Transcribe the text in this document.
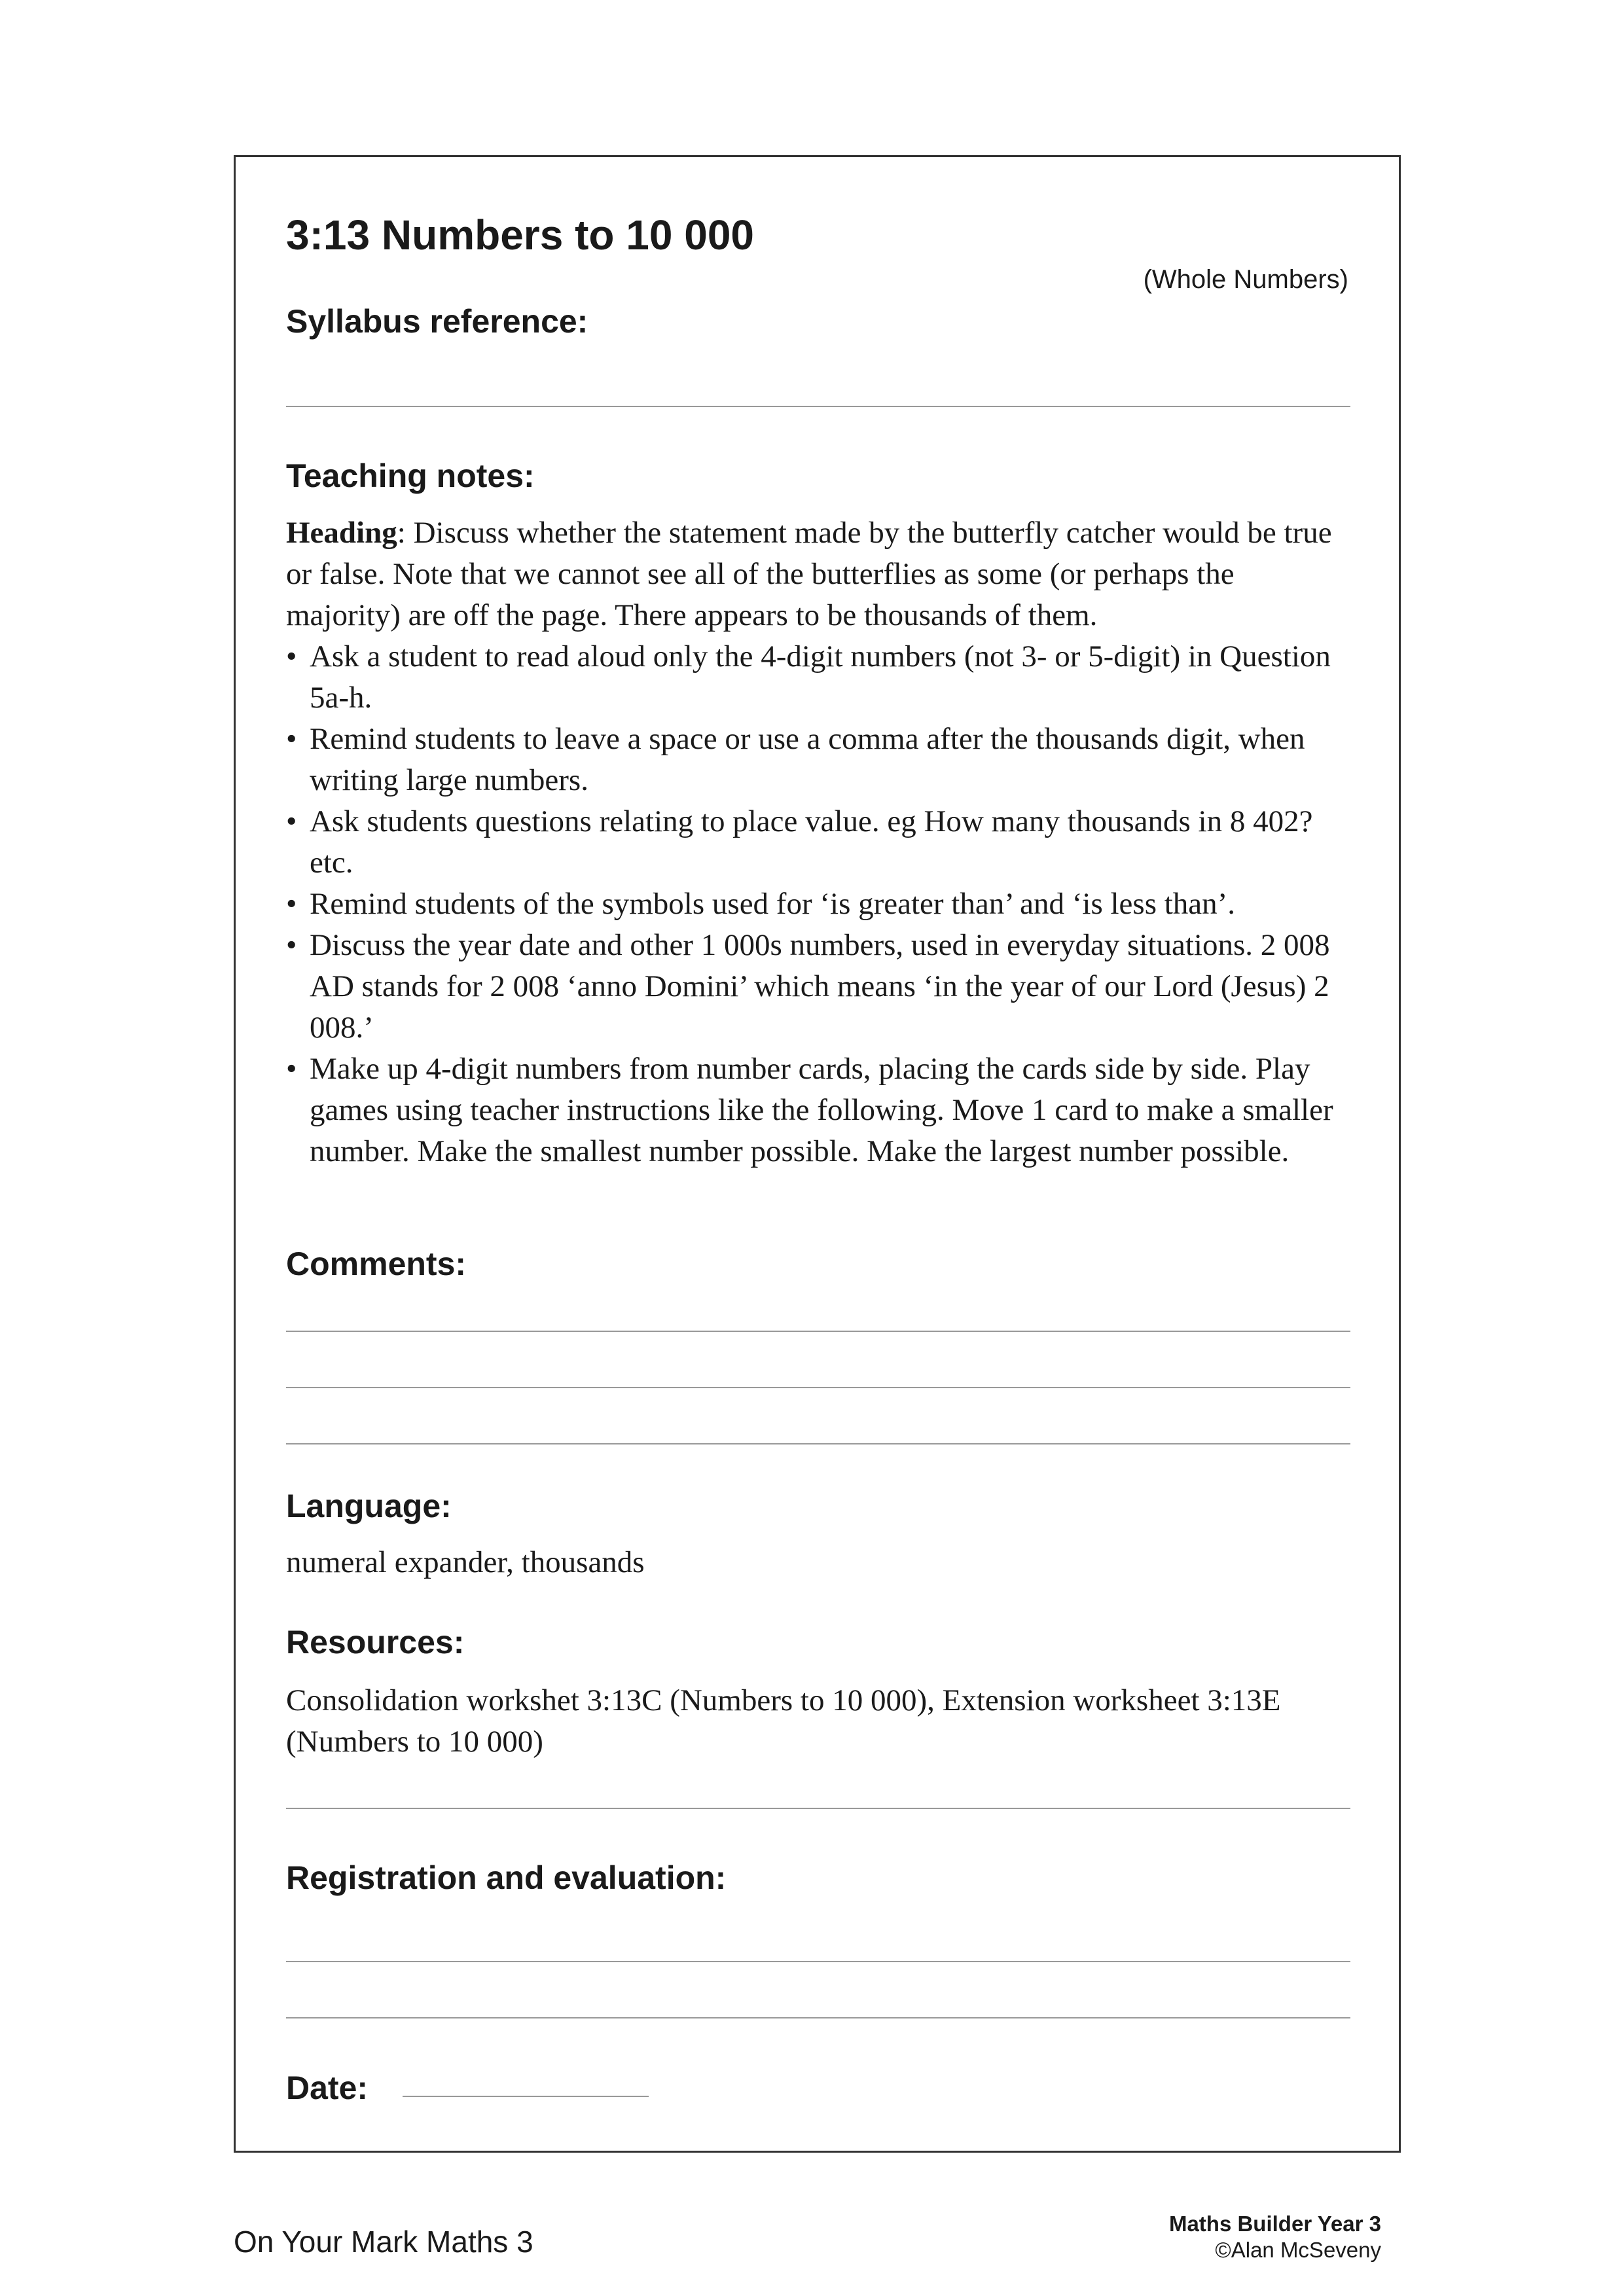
3:13 Numbers to 10 000
(Whole Numbers)
Syllabus reference:
Teaching notes:

Heading: Discuss whether the statement made by the butterfly catcher would be true or false. Note that we cannot see all of the butterflies as some (or perhaps the majority) are off the page. There appears to be thousands of them.

• Ask a student to read aloud only the 4-digit numbers (not 3- or 5-digit) in Question 5a-h.
• Remind students to leave a space or use a comma after the thousands digit, when writing large numbers.
• Ask students questions relating to place value. eg How many thousands in 8 402? etc.
• Remind students of the symbols used for ‘is greater than’ and ‘is less than’.
• Discuss the year date and other 1 000s numbers, used in everyday situations. 2 008 AD stands for 2 008 ‘anno Domini’ which means ‘in the year of our Lord (Jesus) 2 008.’
• Make up 4-digit numbers from number cards, placing the cards side by side. Play games using teacher instructions like the following. Move 1 card to make a smaller number. Make the smallest number possible. Make the largest number possible.
Comments:
Language:
numeral expander, thousands
Resources:
Consolidation workshet 3:13C (Numbers to 10 000), Extension worksheet 3:13E (Numbers to 10 000)
Registration and evaluation:
Date:
On Your Mark Maths 3
Maths Builder Year 3
©Alan McSeveny
